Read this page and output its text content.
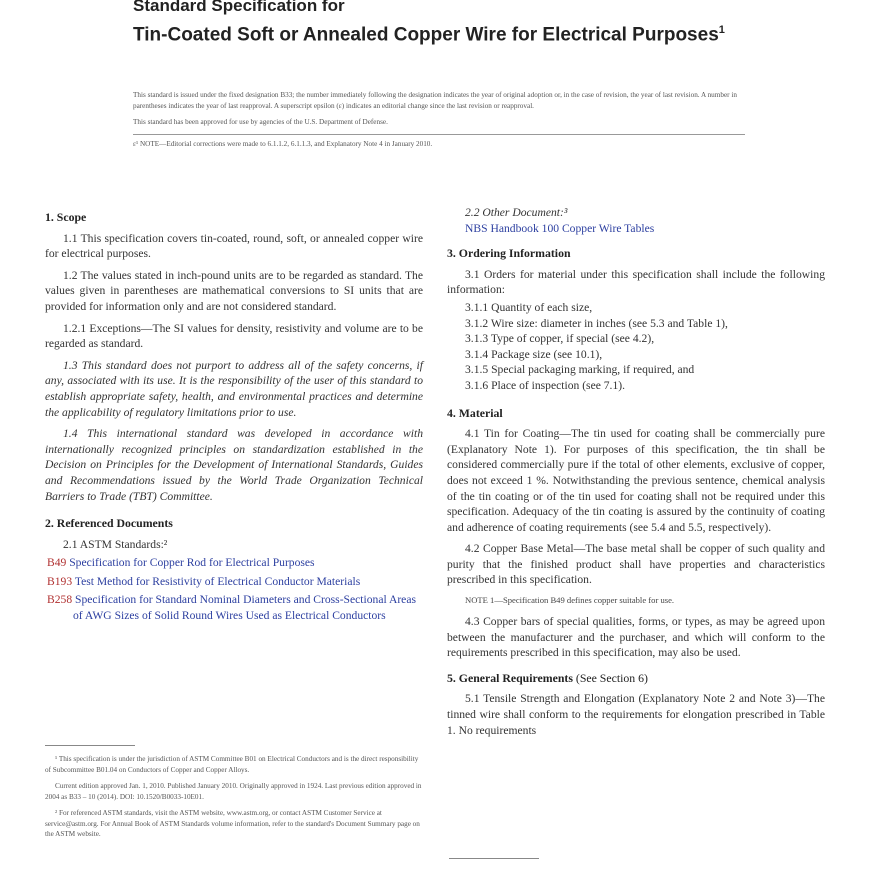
Standard Specification for
Tin-Coated Soft or Annealed Copper Wire for Electrical Purposes$^1$

This standard is issued under the fixed designation B33; the number immediately following the designation indicates the year of original adoption or, in the case of revision, the year of last revision. A number in parentheses indicates the year of last reapproval. A superscript epsilon (ε) indicates an editorial change since the last revision or reapproval.

This standard has been approved for use by agencies of the U.S. Department of Defense.

ε¹ NOTE—Editorial corrections were made to 6.1.1.2, 6.1.1.3, and Explanatory Note 4 in January 2010.

1. Scope

1.1 This specification covers tin-coated, round, soft, or annealed copper wire for electrical purposes.

1.2 The values stated in inch-pound units are to be regarded as standard. The values given in parentheses are mathematical conversions to SI units that are provided for information only and are not considered standard.

1.2.1 Exceptions—The SI values for density, resistivity and volume are to be regarded as standard.

1.3 This standard does not purport to address all of the safety concerns, if any, associated with its use. It is the responsibility of the user of this standard to establish appropriate safety, health, and environmental practices and determine the applicability of regulatory limitations prior to use.

1.4 This international standard was developed in accordance with internationally recognized principles on standardization established in the Decision on Principles for the Development of International Standards, Guides and Recommendations issued by the World Trade Organization Technical Barriers to Trade (TBT) Committee.

2. Referenced Documents

2.1 ASTM Standards:²

B49 Specification for Copper Rod for Electrical Purposes

B193 Test Method for Resistivity of Electrical Conductor Materials

B258 Specification for Standard Nominal Diameters and Cross-Sectional Areas of AWG Sizes of Solid Round Wires Used as Electrical Conductors

¹ This specification is under the jurisdiction of ASTM Committee B01 on Electrical Conductors and is the direct responsibility of Subcommittee B01.04 on Conductors of Copper and Copper Alloys.

Current edition approved Jan. 1, 2010. Published January 2010. Originally approved in 1924. Last previous edition approved in 2004 as B33 – 10 (2014). DOI: 10.1520/B0033-10E01.

² For referenced ASTM standards, visit the ASTM website, www.astm.org, or contact ASTM Customer Service at service@astm.org. For Annual Book of ASTM Standards volume information, refer to the standard's Document Summary page on the ASTM website.

2.2 Other Document:³

NBS Handbook 100 Copper Wire Tables

3. Ordering Information

3.1 Orders for material under this specification shall include the following information:

3.1.1 Quantity of each size,

3.1.2 Wire size: diameter in inches (see 5.3 and Table 1),

3.1.3 Type of copper, if special (see 4.2),

3.1.4 Package size (see 10.1),

3.1.5 Special packaging marking, if required, and

3.1.6 Place of inspection (see 7.1).

4. Material

4.1 Tin for Coating—The tin used for coating shall be commercially pure (Explanatory Note 1). For purposes of this specification, the tin shall be considered commercially pure if the total of other elements, exclusive of copper, does not exceed 1 %. Notwithstanding the previous sentence, chemical analysis of the tin coating or of the tin used for coating shall not be required under this specification. Adequacy of the tin coating is assured by the continuity of coating and adherence of coating requirements (see 5.4 and 5.5, respectively).

4.2 Copper Base Metal—The base metal shall be copper of such quality and purity that the finished product shall have properties and characteristics prescribed in this specification.

NOTE 1—Specification B49 defines copper suitable for use.

4.3 Copper bars of special qualities, forms, or types, as may be agreed upon between the manufacturer and the purchaser, and which will conform to the requirements prescribed in this specification, may also be used.

5. General Requirements (See Section 6)

5.1 Tensile Strength and Elongation (Explanatory Note 2 and Note 3)—The tinned wire shall conform to the requirements for elongation prescribed in Table 1. No requirements
